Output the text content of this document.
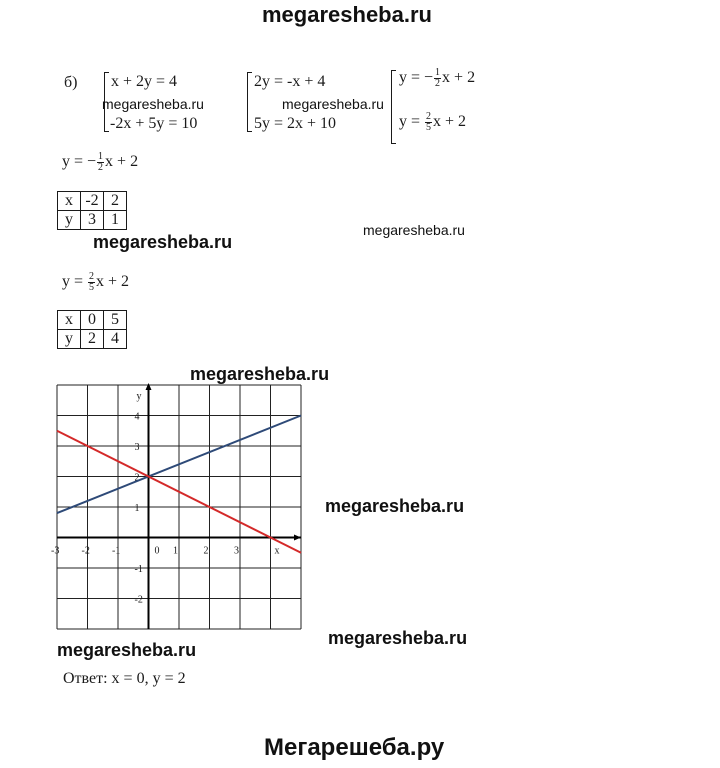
megaresheba.ru
megaresheba.ru
megaresheba.ru
megaresheba.ru
megaresheba.ru
megaresheba.ru
megaresheba.ru
б) x + 2y = 4
megaresheba.ru
-2x + 5y = 10
2y = -x + 4
megaresheba.ru
5y = 2x + 10
y = − $\frac{1}{2}$ x + 2
$y = \frac{2}{5}$ x + 2
y = − $\frac{1}{2}$ x + 2
x	-2	2
y	3	1
$y = \frac{2}{5}$ x + 2
x	0	5
y	2	4
x
y
-3 -2 -1	0 1	2	3
4
3
2
1
-1
-2
Ответ: x = 0, y = 2
Мегарешеба.ру
